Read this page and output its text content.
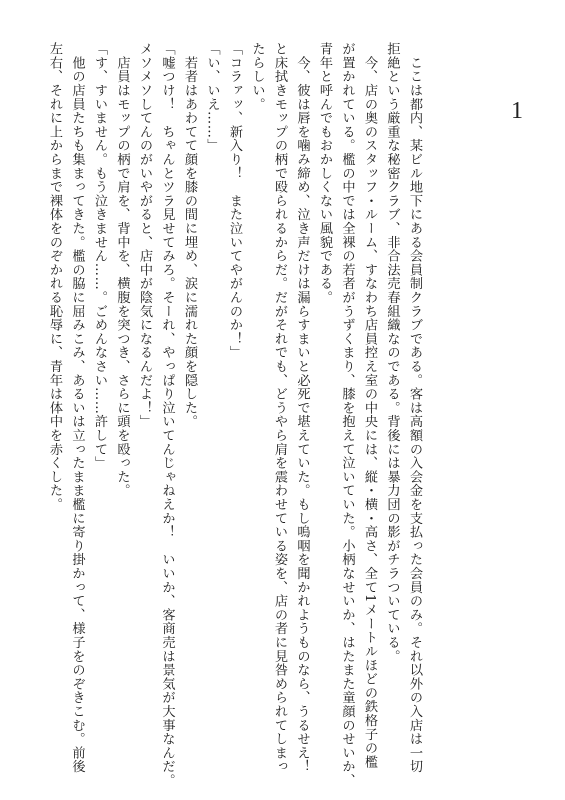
1
　ここは都内、某ビル地下にある会員制クラブである。客は高額の入会金を支払った会員のみ。それ以外の入店は一切
拒絶という厳重な秘密クラブ、非合法売春組織なのである。背後には暴力団の影がチラついている。
　今、店の奥のスタッフ・ルーム、すなわち店員控え室の中央には、縦・横・高さ、全て1メートルほどの鉄格子の檻
が置かれている。檻の中では全裸の若者がうずくまり、膝を抱えて泣いていた。小柄なせいか、はたまた童顔のせいか、
青年と呼んでもおかしくない風貌である。
　今、彼は唇を噛み締め、泣き声だけは漏らすまいと必死で堪えていた。もし嗚咽を聞かれようものなら、うるせえ！
と床拭きモップの柄で殴られるからだ。だがそれでも、どうやら肩を震わせている姿を、店の者に見咎められてしまっ
たらしい。
「コラァッ、新入り！　また泣いてやがんのか！」
「い、いえ……」
　若者はあわてて顔を膝の間に埋め、涙に濡れた顔を隠した。
「嘘つけ！　ちゃんとツラ見せてみろ。そーれ、やっぱり泣いてんじゃねえか！　いいか、客商売は景気が大事なんだ。
メソメソしてんのがいやがると、店中が陰気になるんだよ！」
　店員はモップの柄で肩を、背中を、横腹を突つき、さらに頭を殴った。
「す、すいません。もう泣きません……。ごめんなさい……許して」
　他の店員たちも集まってきた。檻の脇に屈みこみ、あるいは立ったまま檻に寄り掛かって、様子をのぞきこむ。前後
左右、それに上からまで裸体をのぞかれる恥辱に、青年は体中を赤くした。
